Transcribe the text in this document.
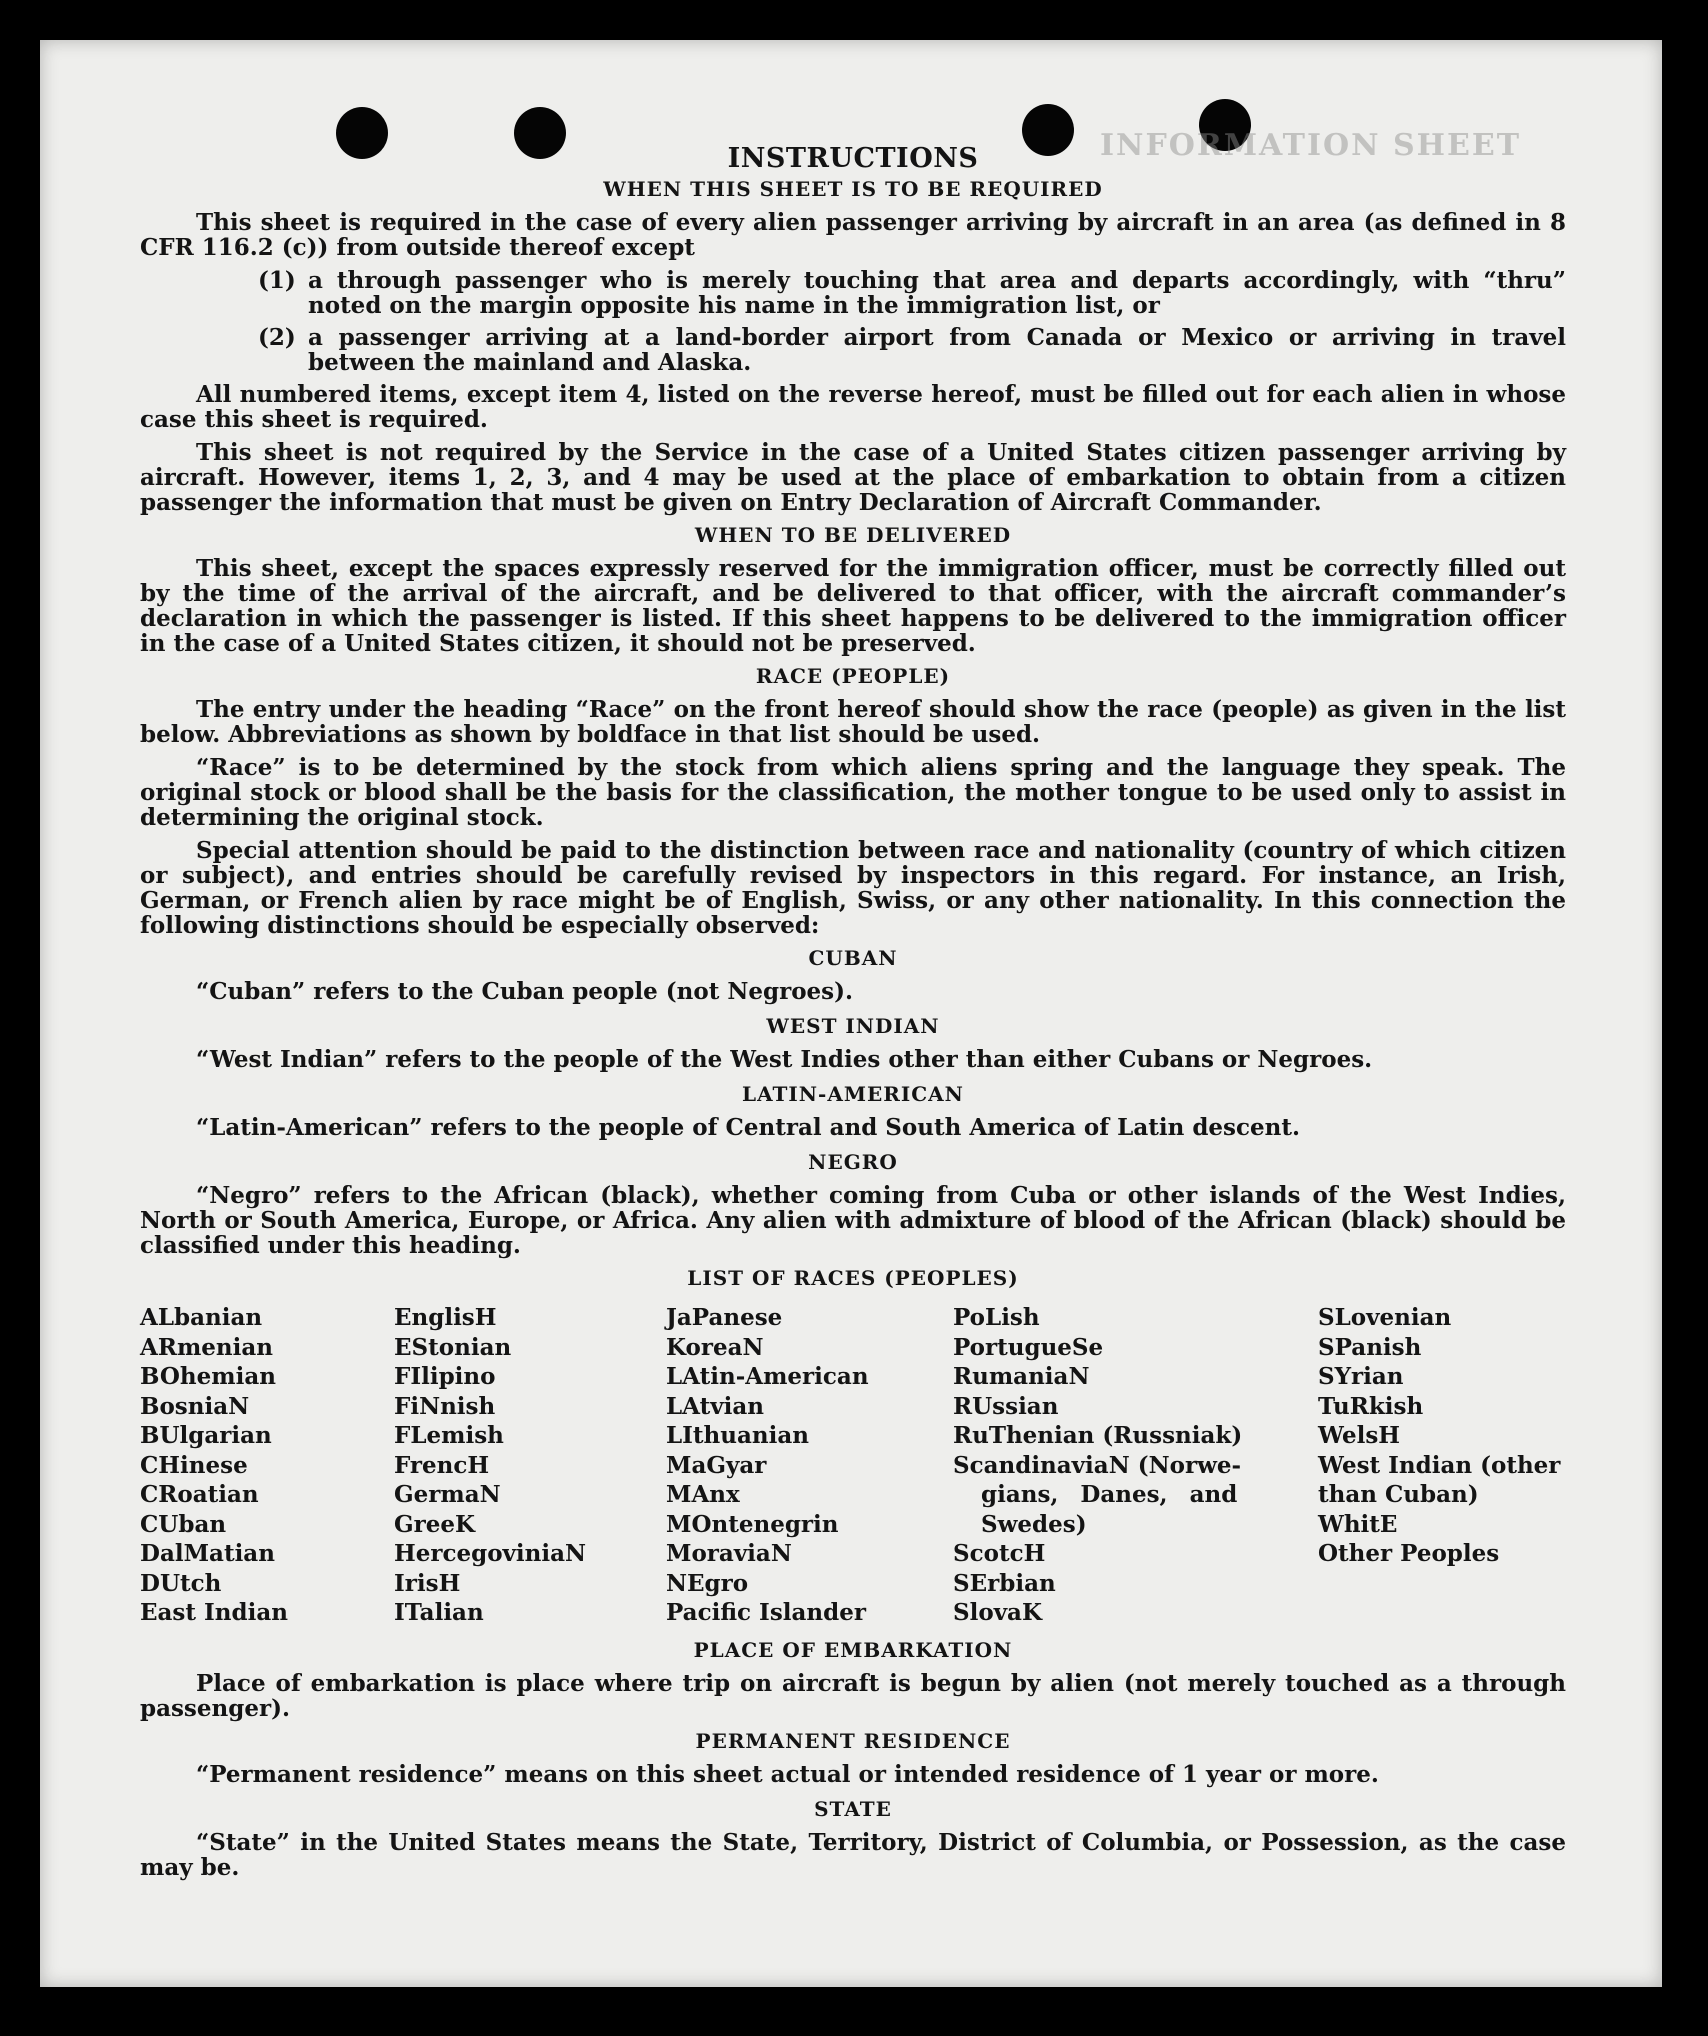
INFORMATION SHEET
INSTRUCTIONS
WHEN THIS SHEET IS TO BE REQUIRED

This sheet is required in the case of every alien passenger arriving by aircraft in an area (as defined in 8 CFR 116.2 (c)) from outside thereof except

(1) a through passenger who is merely touching that area and departs accordingly, with “thru” noted on the margin opposite his name in the immigration list, or
(2) a passenger arriving at a land-border airport from Canada or Mexico or arriving in travel between the mainland and Alaska.

All numbered items, except item 4, listed on the reverse hereof, must be filled out for each alien in whose case this sheet is required.

This sheet is not required by the Service in the case of a United States citizen passenger arriving by aircraft. However, items 1, 2, 3, and 4 may be used at the place of embarkation to obtain from a citizen passenger the information that must be given on Entry Declaration of Aircraft Commander.

WHEN TO BE DELIVERED

This sheet, except the spaces expressly reserved for the immigration officer, must be correctly filled out by the time of the arrival of the aircraft, and be delivered to that officer, with the aircraft commander’s declaration in which the passenger is listed. If this sheet happens to be delivered to the immigration officer in the case of a United States citizen, it should not be preserved.

RACE (PEOPLE)

The entry under the heading “Race” on the front hereof should show the race (people) as given in the list below. Abbreviations as shown by boldface in that list should be used.

“Race” is to be determined by the stock from which aliens spring and the language they speak. The original stock or blood shall be the basis for the classification, the mother tongue to be used only to assist in determining the original stock.

Special attention should be paid to the distinction between race and nationality (country of which citizen or subject), and entries should be carefully revised by inspectors in this regard. For instance, an Irish, German, or French alien by race might be of English, Swiss, or any other nationality. In this connection the following distinctions should be especially observed:

CUBAN
“Cuban” refers to the Cuban people (not Negroes).
WEST INDIAN
“West Indian” refers to the people of the West Indies other than either Cubans or Negroes.
LATIN-AMERICAN
“Latin-American” refers to the people of Central and South America of Latin descent.
NEGRO

“Negro” refers to the African (black), whether coming from Cuba or other islands of the West Indies, North or South America, Europe, or Africa. Any alien with admixture of blood of the African (black) should be classified under this heading.

LIST OF RACES (PEOPLES)
ALbanian
ARmenian
BOhemian
BosniaN
BUlgarian
CHinese
CRoatian
CUban
DalMatian
DUtch
East Indian
EnglisH
EStonian
FIlipino
FiNnish
FLemish
FrencH
GermaN
GreeK
HercegoviniaN
IrisH
ITalian
JaPanese
KoreaN
LAtin-American
LAtvian
LIthuanian
MaGyar
MAnx
MOntenegrin
MoraviaN
NEgro
Pacific Islander
PoLish
PortugueSe
RumaniaN
RUssian
RuThenian (Russniak)
ScandinaviaN (Norwe-
gians, Danes, and
Swedes)
ScotcH
SErbian
SlovaK
SLovenian
SPanish
SYrian
TuRkish
WelsH
West Indian (other
than Cuban)
WhitE
Other Peoples
PLACE OF EMBARKATION

Place of embarkation is place where trip on aircraft is begun by alien (not merely touched as a through passenger).

PERMANENT RESIDENCE
“Permanent residence” means on this sheet actual or intended residence of 1 year or more.
STATE

“State” in the United States means the State, Territory, District of Columbia, or Possession, as the case may be.
